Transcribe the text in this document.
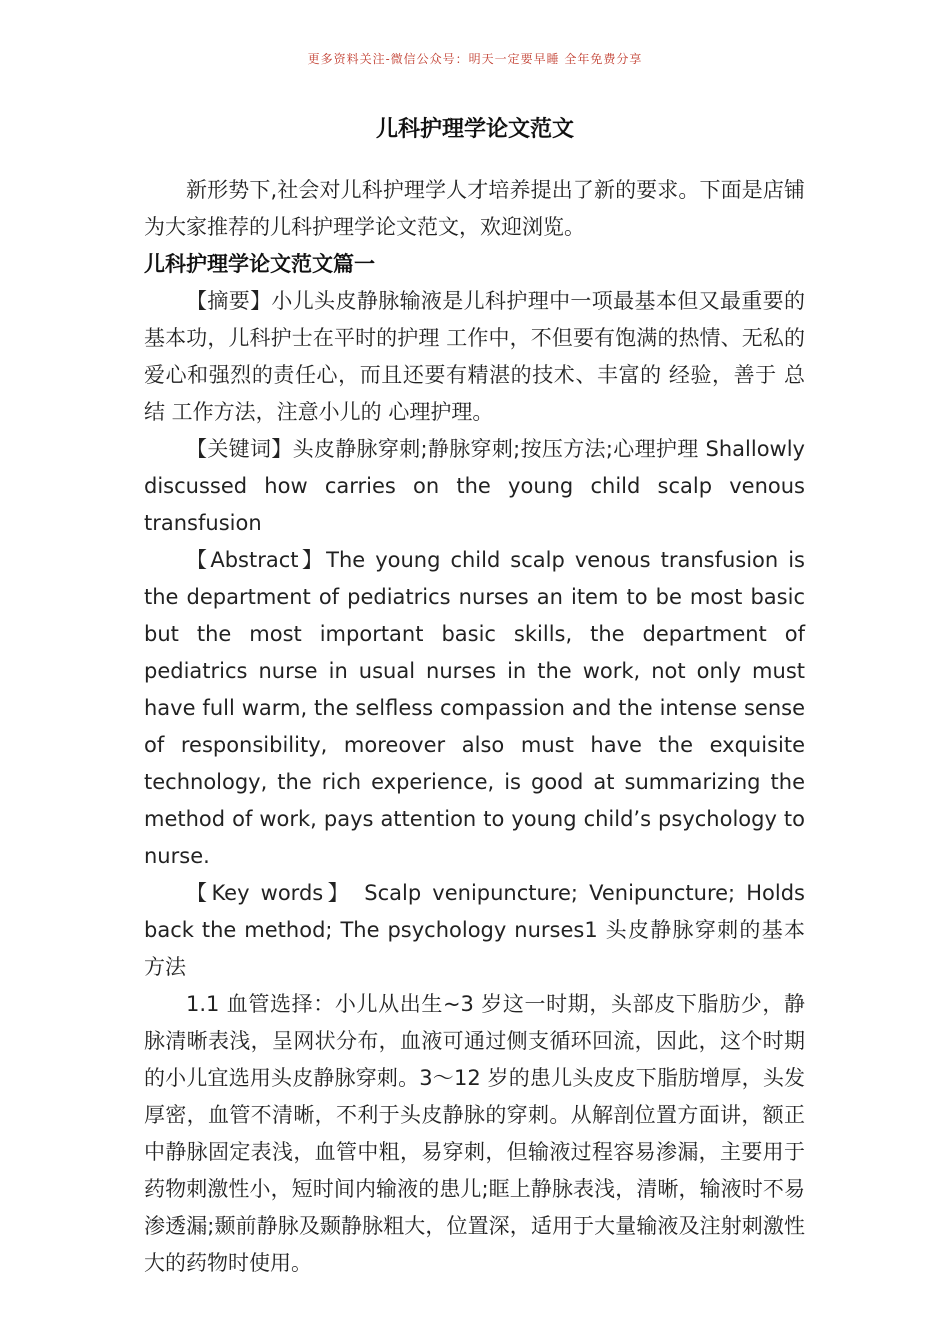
更多资料关注-微信公众号：明天一定要早睡 全年免费分享
儿科护理学论文范文

新形势下,社会对儿科护理学人才培养提出了新的要求。下面是店铺为大家推荐的儿科护理学论文范文，欢迎浏览。

儿科护理学论文范文篇一

【摘要】小儿头皮静脉输液是儿科护理中一项最基本但又最重要的基本功，儿科护士在平时的护理 工作中，不但要有饱满的热情、无私的爱心和强烈的责任心，而且还要有精湛的技术、丰富的 经验，善于 总结 工作方法，注意小儿的 心理护理。

【关键词】头皮静脉穿刺;静脉穿刺;按压方法;心理护理 Shallowly discussed how carries on the young child scalp venous transfusion

【Abstract】The young child scalp venous transfusion is the department of pediatrics nurses an item to be most basic but the most important basic skills, the department of pediatrics nurse in usual nurses in the work, not only must have full warm, the selfless compassion and the intense sense of responsibility, moreover also must have the exquisite technology, the rich experience, is good at summarizing the method of work, pays attention to young child’s psychology to nurse.

【Key words】 Scalp venipuncture; Venipuncture; Holds back the method; The psychology nurses1 头皮静脉穿刺的基本方法

1.1 血管选择：小儿从出生~3 岁这一时期，头部皮下脂肪少，静脉清晰表浅，呈网状分布，血液可通过侧支循环回流，因此，这个时期的小儿宜选用头皮静脉穿刺。3～12 岁的患儿头皮皮下脂肪增厚，头发厚密，血管不清晰，不利于头皮静脉的穿刺。从解剖位置方面讲，额正中静脉固定表浅，血管中粗，易穿刺，但输液过程容易渗漏，主要用于药物刺激性小，短时间内输液的患儿;眶上静脉表浅，清晰，输液时不易渗透漏;颞前静脉及颞静脉粗大，位置深，适用于大量输液及注射刺激性大的药物时使用。
